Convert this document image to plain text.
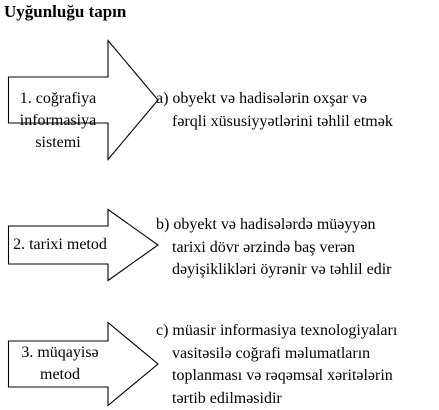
Uyğunluğu tapın
1. coğrafiya
informasiya
sistemi
2. tarixi metod
3. müqayisə
metod
a) obyekt və hadisələrin oxşar və
fərqli xüsusiyyətlərini təhlil etmək
b) obyekt və hadisələrdə müəyyən
tarixi dövr ərzində baş verən
dəyişiklikləri öyrənir və təhlil edir
c) müasir informasiya texnologiyaları
vasitəsilə coğrafi məlumatların
toplanması və rəqəmsal xəritələrin
tərtib edilməsidir
